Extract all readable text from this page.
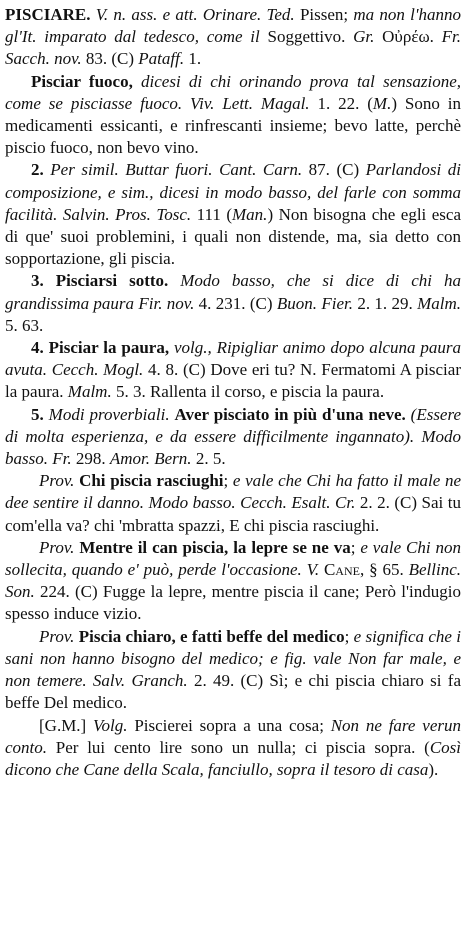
PISCIARE. V. n. ass. e att. Orinare. Ted. Pissen; ma non l'hanno gl'It. imparato dal tedesco, come il Soggettivo. Gr. Οὐρέω. Fr. Sacch. nov. 83. (C) Pataff. 1.

Pisciar fuoco, dicesi di chi orinando prova tal sensazione, come se pisciasse fuoco. Viv. Lett. Magal. 1. 22. (M.) Sono in medicamenti essicanti, e rinfrescanti insieme; bevo latte, perchè piscio fuoco, non bevo vino.

2. Per simil. Buttar fuori. Cant. Carn. 87. (C) Parlandosi di composizione, e sim., dicesi in modo basso, del farle con somma facilità. Salvin. Pros. Tosc. 111 (Man.) Non bisogna che egli esca di que' suoi problemini, i quali non distende, ma, sia detto con sopportazione, gli piscia.

3. Pisciarsi sotto. Modo basso, che si dice di chi ha grandissima paura Fir. nov. 4. 231. (C) Buon. Fier. 2. 1. 29. Malm. 5. 63.

4. Pisciar la paura, volg., Ripigliar animo dopo alcuna paura avuta. Cecch. Mogl. 4. 8. (C) Dove eri tu? N. Fermatomi A pisciar la paura. Malm. 5. 3. Rallenta il corso, e piscia la paura.

5. Modi proverbiali. Aver pisciato in più d'una neve. (Essere di molta esperienza, e da essere difficilmente ingannato). Modo basso. Fr. 298. Amor. Bern. 2. 5.

Prov. Chi piscia rasciughi; e vale che Chi ha fatto il male ne dee sentire il danno. Modo basso. Cecch. Esalt. Cr. 2. 2. (C) Sai tu com'ella va? chi 'mbratta spazzi, E chi piscia rasciughi.

Prov. Mentre il can piscia, la lepre se ne va; e vale Chi non sollecita, quando e' può, perde l'occasione. V. Cane, § 65. Bellinc. Son. 224. (C) Fugge la lepre, mentre piscia il cane; Però l'indugio spesso induce vizio.

Prov. Piscia chiaro, e fatti beffe del medico; e significa che i sani non hanno bisogno del medico; e fig. vale Non far male, e non temere. Salv. Granch. 2. 49. (C) Sì; e chi piscia chiaro si fa beffe Del medico.

[G.M.] Volg. Piscierei sopra a una cosa; Non ne fare verun conto. Per lui cento lire sono un nulla; ci piscia sopra. (Così dicono che Cane della Scala, fanciullo, sopra il tesoro di casa).
